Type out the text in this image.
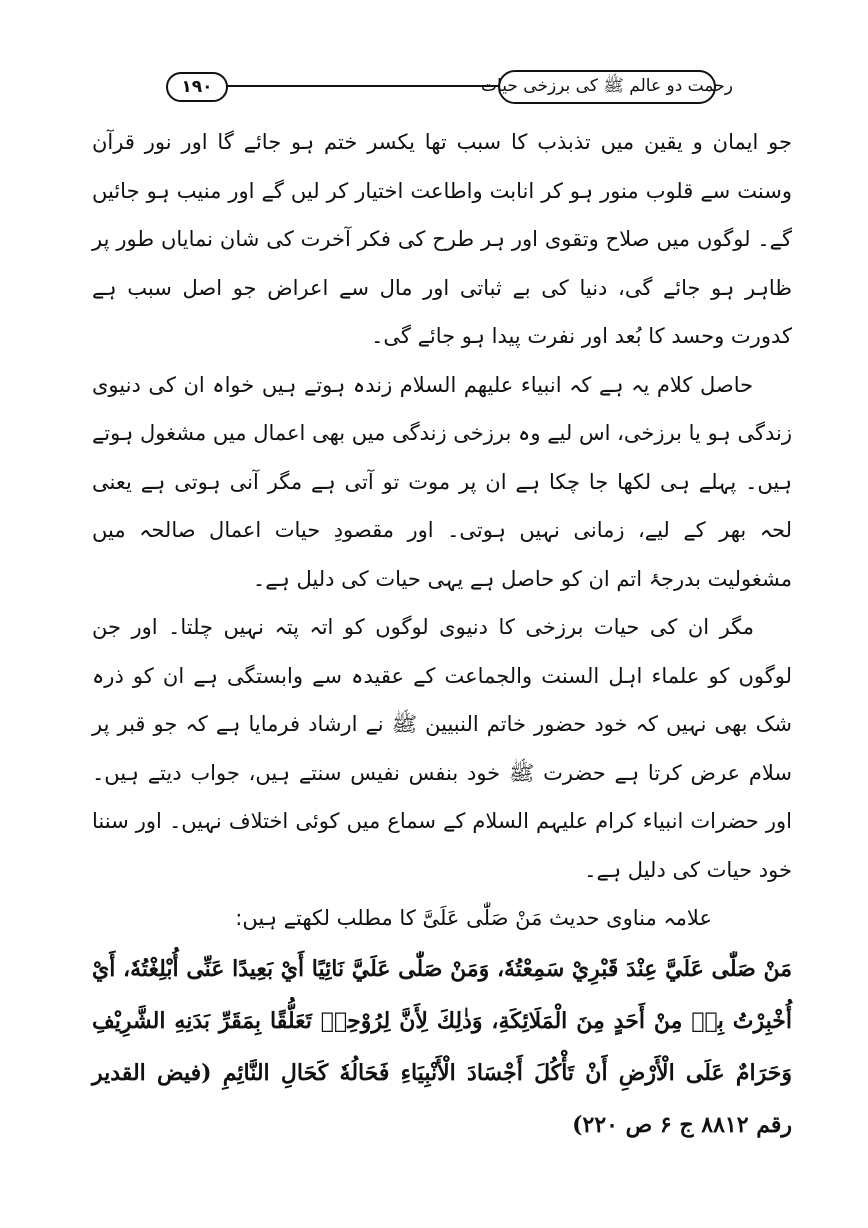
١٩٠	رحمت دو عالم ﷺ کی برزخی حیات

جو ایمان و یقین میں تذبذب کا سبب تھا یکسر ختم ہو جائے گا اور نور قرآن وسنت سے قلوب منور ہو کر انابت واطاعت اختیار کر لیں گے اور منیب ہو جائیں گے۔ لوگوں میں صلاح وتقوی اور ہر طرح کی فکر آخرت کی شان نمایاں طور پر ظاہر ہو جائے گی، دنیا کی بے ثباتی اور مال سے اعراض جو اصل سبب ہے کدورت وحسد کا بُعد اور نفرت پیدا ہو جائے گی۔

حاصل کلام یہ ہے کہ انبیاء علیھم السلام زندہ ہوتے ہیں خواہ ان کی دنیوی زندگی ہو یا برزخی، اس لیے وہ برزخی زندگی میں بھی اعمال میں مشغول ہوتے ہیں۔ پہلے ہی لکھا جا چکا ہے ان پر موت تو آتی ہے مگر آنی ہوتی ہے یعنی لحہ بھر کے لیے، زمانی نہیں ہوتی۔ اور مقصودِ حیات اعمال صالحہ میں مشغولیت بدرجۂ اتم ان کو حاصل ہے یہی حیات کی دلیل ہے۔

مگر ان کی حیات برزخی کا دنیوی لوگوں کو اتہ پتہ نہیں چلتا۔ اور جن لوگوں کو علماء اہل السنت والجماعت کے عقیدہ سے وابستگی ہے ان کو ذرہ شک بھی نہیں کہ خود حضور خاتم النبیین ﷺ نے ارشاد فرمایا ہے کہ جو قبر پر سلام عرض کرتا ہے حضرت ﷺ خود بنفس نفیس سنتے ہیں، جواب دیتے ہیں۔ اور حضرات انبیاء کرام علیہم السلام کے سماع میں کوئی اختلاف نہیں۔ اور سننا خود حیات کی دلیل ہے۔

علامہ مناوی حدیث مَنْ صَلّٰی عَلَیَّ کا مطلب لکھتے ہیں:

مَنْ صَلّٰی عَلَيَّ عِنْدَ قَبْرِيْ سَمِعْتُهٗ، وَمَنْ صَلّٰی عَلَيَّ نَائِيًا أَيْ بَعِيدًا عَنِّی أُبْلِغْتُهٗ، أَيْ أُخْبِرْتُ بِهٖ مِنْ أَحَدٍ مِنَ الْمَلَائِكَةِ، وَذٰلِكَ لِأَنَّ لِرُوْحِهٖ تَعَلُّقًا بِمَقَرِّ بَدَنِهِ الشَّرِيْفِ وَحَرَامٌ عَلَى الْأَرْضِ أَنْ تَأْكُلَ أَجْسَادَ الْأَنْبِيَاءِ فَحَالُهٗ كَحَالِ النَّائِمِ (فیض القدیر رقم ۸۸۱۲ ج ۶ ص ۲۲۰)
